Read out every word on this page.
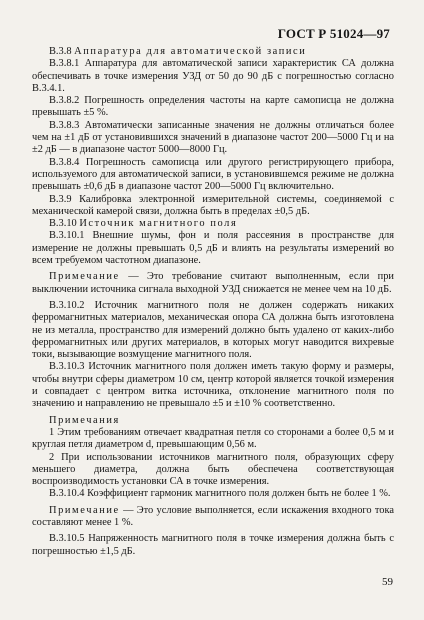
ГОСТ Р 51024—97

В.3.8 Аппаратура для автоматической записи

В.3.8.1 Аппаратура для автоматической записи характеристик СА должна обеспечивать в точке измерения УЗД от 50 до 90 дБ с погрешностью согласно В.3.4.1.

В.3.8.2 Погрешность определения частоты на карте самописца не должна превышать ±5 %.

В.3.8.3 Автоматически записанные значения не должны отличаться более чем на ±1 дБ от установившихся значений в диапазоне частот 200—5000 Гц и на ±2 дБ — в диапазоне частот 5000—8000 Гц.

В.3.8.4 Погрешность самописца или другого регистрирующего прибора, используемого для автоматической записи, в установившемся режиме не должна превышать ±0,6 дБ в диапазоне частот 200—5000 Гц включительно.

В.3.9 Калибровка электронной измерительной системы, соединяемой с механической камерой связи, должна быть в пределах ±0,5 дБ.

В.3.10 Источник магнитного поля

В.3.10.1 Внешние шумы, фон и поля рассеяния в пространстве для измерение не должны превышать 0,5 дБ и влиять на результаты измерений во всем требуемом частотном диапазоне.

Примечание — Это требование считают выполненным, если при выключении источника сигнала выходной УЗД снижается не менее чем на 10 дБ.

В.3.10.2 Источник магнитного поля не должен содержать никаких ферромагнитных материалов, механическая опора СА должна быть изготовлена не из металла, пространство для измерений должно быть удалено от каких-либо ферромагнитных или других материалов, в которых могут наводится вихревые токи, вызывающие возмущение магнитного поля.

В.3.10.3 Источник магнитного поля должен иметь такую форму и размеры, чтобы внутри сферы диаметром 10 см, центр которой является точкой измерения и совпадает с центром витка источника, отклонение магнитного поля по значению и направлению не превышало ±5 и ±10 % соответственно.

Примечания

1 Этим требованиям отвечает квадратная петля со сторонами a более 0,5 м и круглая петля диаметром d, превышающим 0,56 м.

2 При использовании источников магнитного поля, образующих сферу меньшего диаметра, должна быть обеспечена соответствующая воспроизводимость установки СА в точке измерения.

В.3.10.4 Коэффициент гармоник магнитного поля должен быть не более 1 %.

Примечание — Это условие выполняется, если искажения входного тока составляют менее 1 %.

В.3.10.5 Напряженность магнитного поля в точке измерения должна быть с погрешностью ±1,5 дБ.

59
